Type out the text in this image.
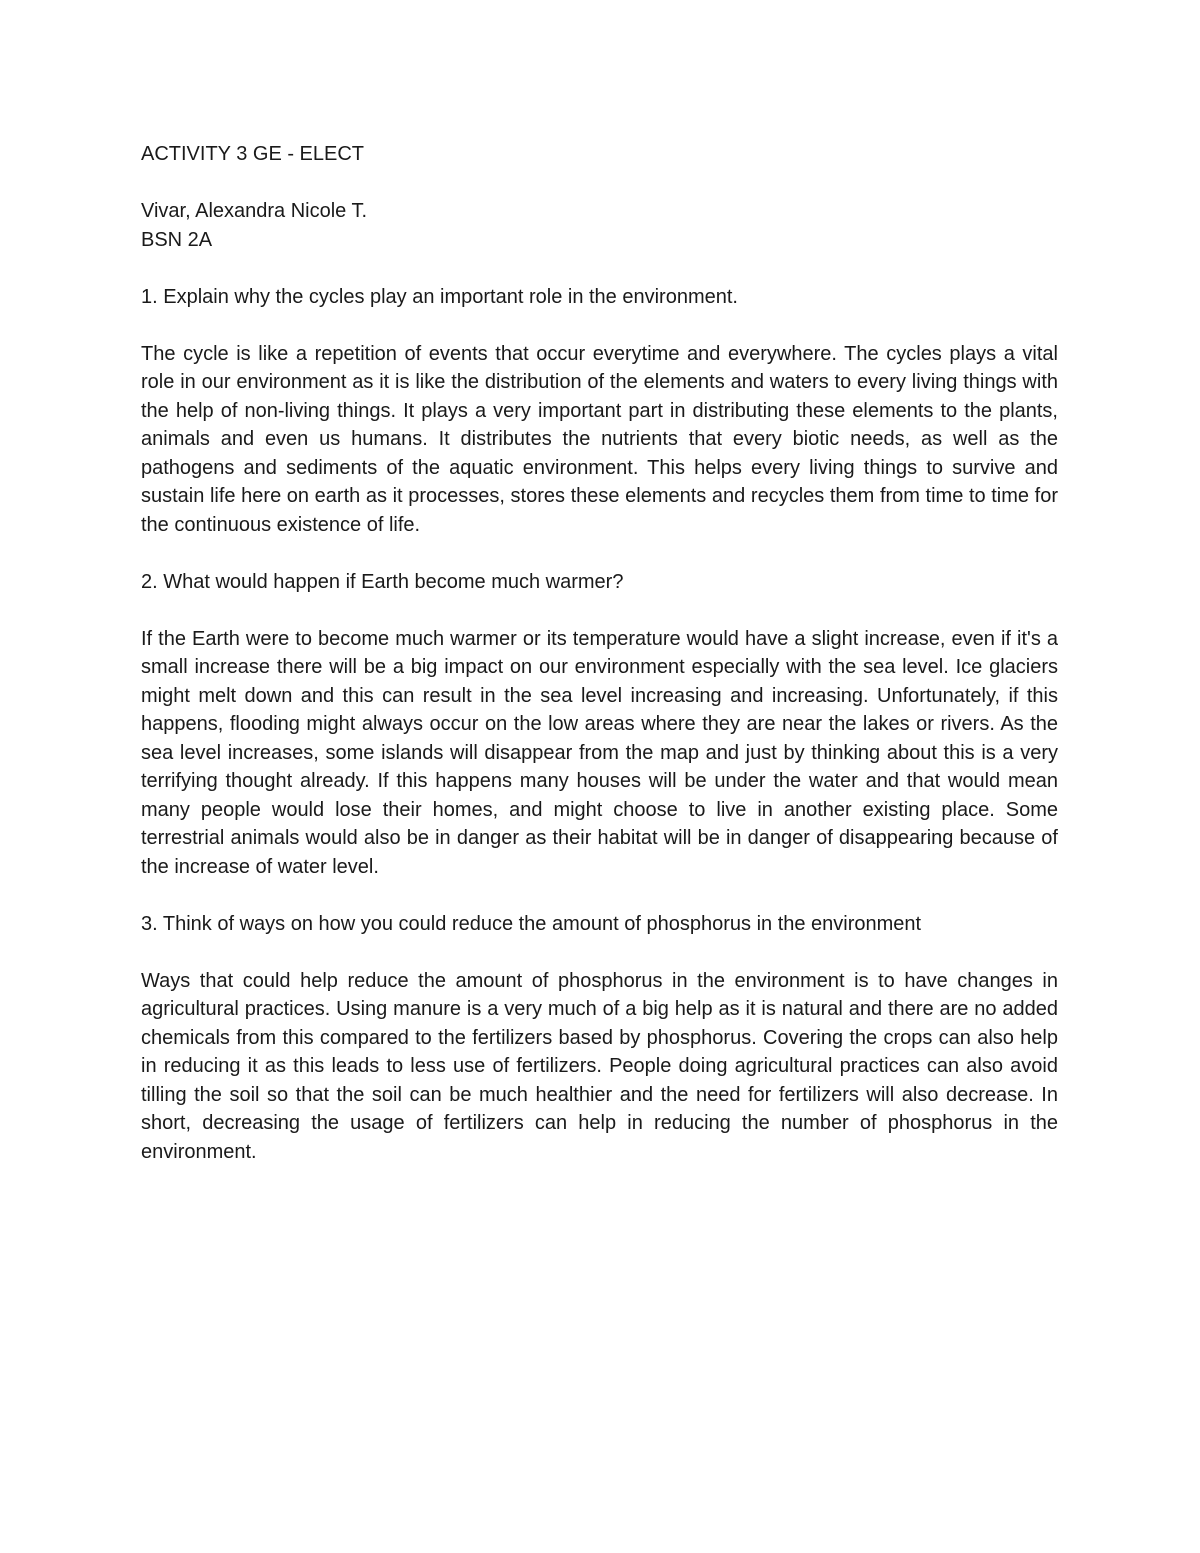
ACTIVITY 3 GE - ELECT
Vivar, Alexandra Nicole T.
BSN 2A
1. Explain why the cycles play an important role in the environment.

The cycle is like a repetition of events that occur everytime and everywhere. The cycles plays a vital role in our environment as it is like the distribution of the elements and waters to every living things with the help of non-living things. It plays a very important part in distributing these elements to the plants, animals and even us humans. It distributes the nutrients that every biotic needs, as well as the pathogens and sediments of the aquatic environment. This helps every living things to survive and sustain life here on earth as it processes, stores these elements and recycles them from time to time for the continuous existence of life.

2. What would happen if Earth become much warmer?

If the Earth were to become much warmer or its temperature would have a slight increase, even if it's a small increase there will be a big impact on our environment especially with the sea level. Ice glaciers might melt down and this can result in the sea level increasing and increasing. Unfortunately, if this happens, flooding might always occur on the low areas where they are near the lakes or rivers. As the sea level increases, some islands will disappear from the map and just by thinking about this is a very terrifying thought already. If this happens many houses will be under the water and that would mean many people would lose their homes, and might choose to live in another existing place. Some terrestrial animals would also be in danger as their habitat will be in danger of disappearing because of the increase of water level.

3. Think of ways on how you could reduce the amount of phosphorus in the environment

Ways that could help reduce the amount of phosphorus in the environment is to have changes in agricultural practices. Using manure is a very much of a big help as it is natural and there are no added chemicals from this compared to the fertilizers based by phosphorus. Covering the crops can also help in reducing it as this leads to less use of fertilizers. People doing agricultural practices can also avoid tilling the soil so that the soil can be much healthier and the need for fertilizers will also decrease. In short, decreasing the usage of fertilizers can help in reducing the number of phosphorus in the environment.
